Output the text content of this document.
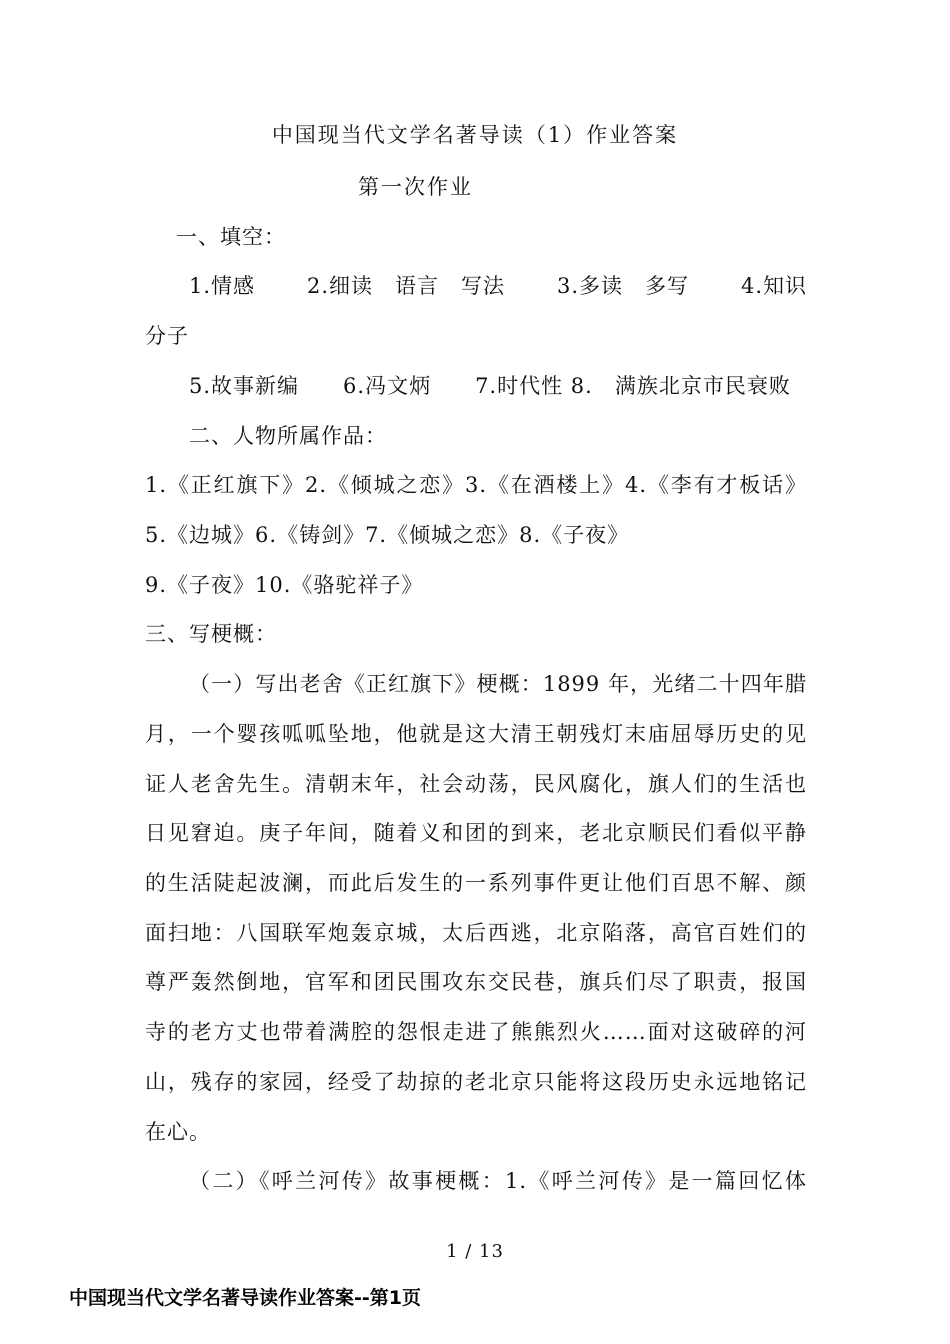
中国现当代文学名著导读（1）作业答案
第一次作业
一、填空：
1.情感 2.细读　语言　写法 3.多读　多写 4.知识
分子
5.故事新编　　6.冯文炳　　7.时代性 8.　满族北京市民衰败
二、人物所属作品：
1.《正红旗下》2.《倾城之恋》3.《在酒楼上》4.《李有才板话》
5.《边城》6.《铸剑》7.《倾城之恋》8.《子夜》
9.《子夜》10.《骆驼祥子》
三、写梗概：
（一）写出老舍《正红旗下》梗概：1899 年，光绪二十四年腊
月，一个婴孩呱呱坠地，他就是这大清王朝残灯末庙屈辱历史的见
证人老舍先生。清朝末年，社会动荡，民风腐化，旗人们的生活也
日见窘迫。庚子年间，随着义和团的到来，老北京顺民们看似平静
的生活陡起波澜，而此后发生的一系列事件更让他们百思不解、颜
面扫地：八国联军炮轰京城，太后西逃，北京陷落，高官百姓们的
尊严轰然倒地，官军和团民围攻东交民巷，旗兵们尽了职责，报国
寺的老方丈也带着满腔的怨恨走进了熊熊烈火……面对这破碎的河
山，残存的家园，经受了劫掠的老北京只能将这段历史永远地铭记
在心。
（二）《呼兰河传》故事梗概：1.《呼兰河传》是一篇回忆体
1 / 13
中国现当代文学名著导读作业答案--第1页
